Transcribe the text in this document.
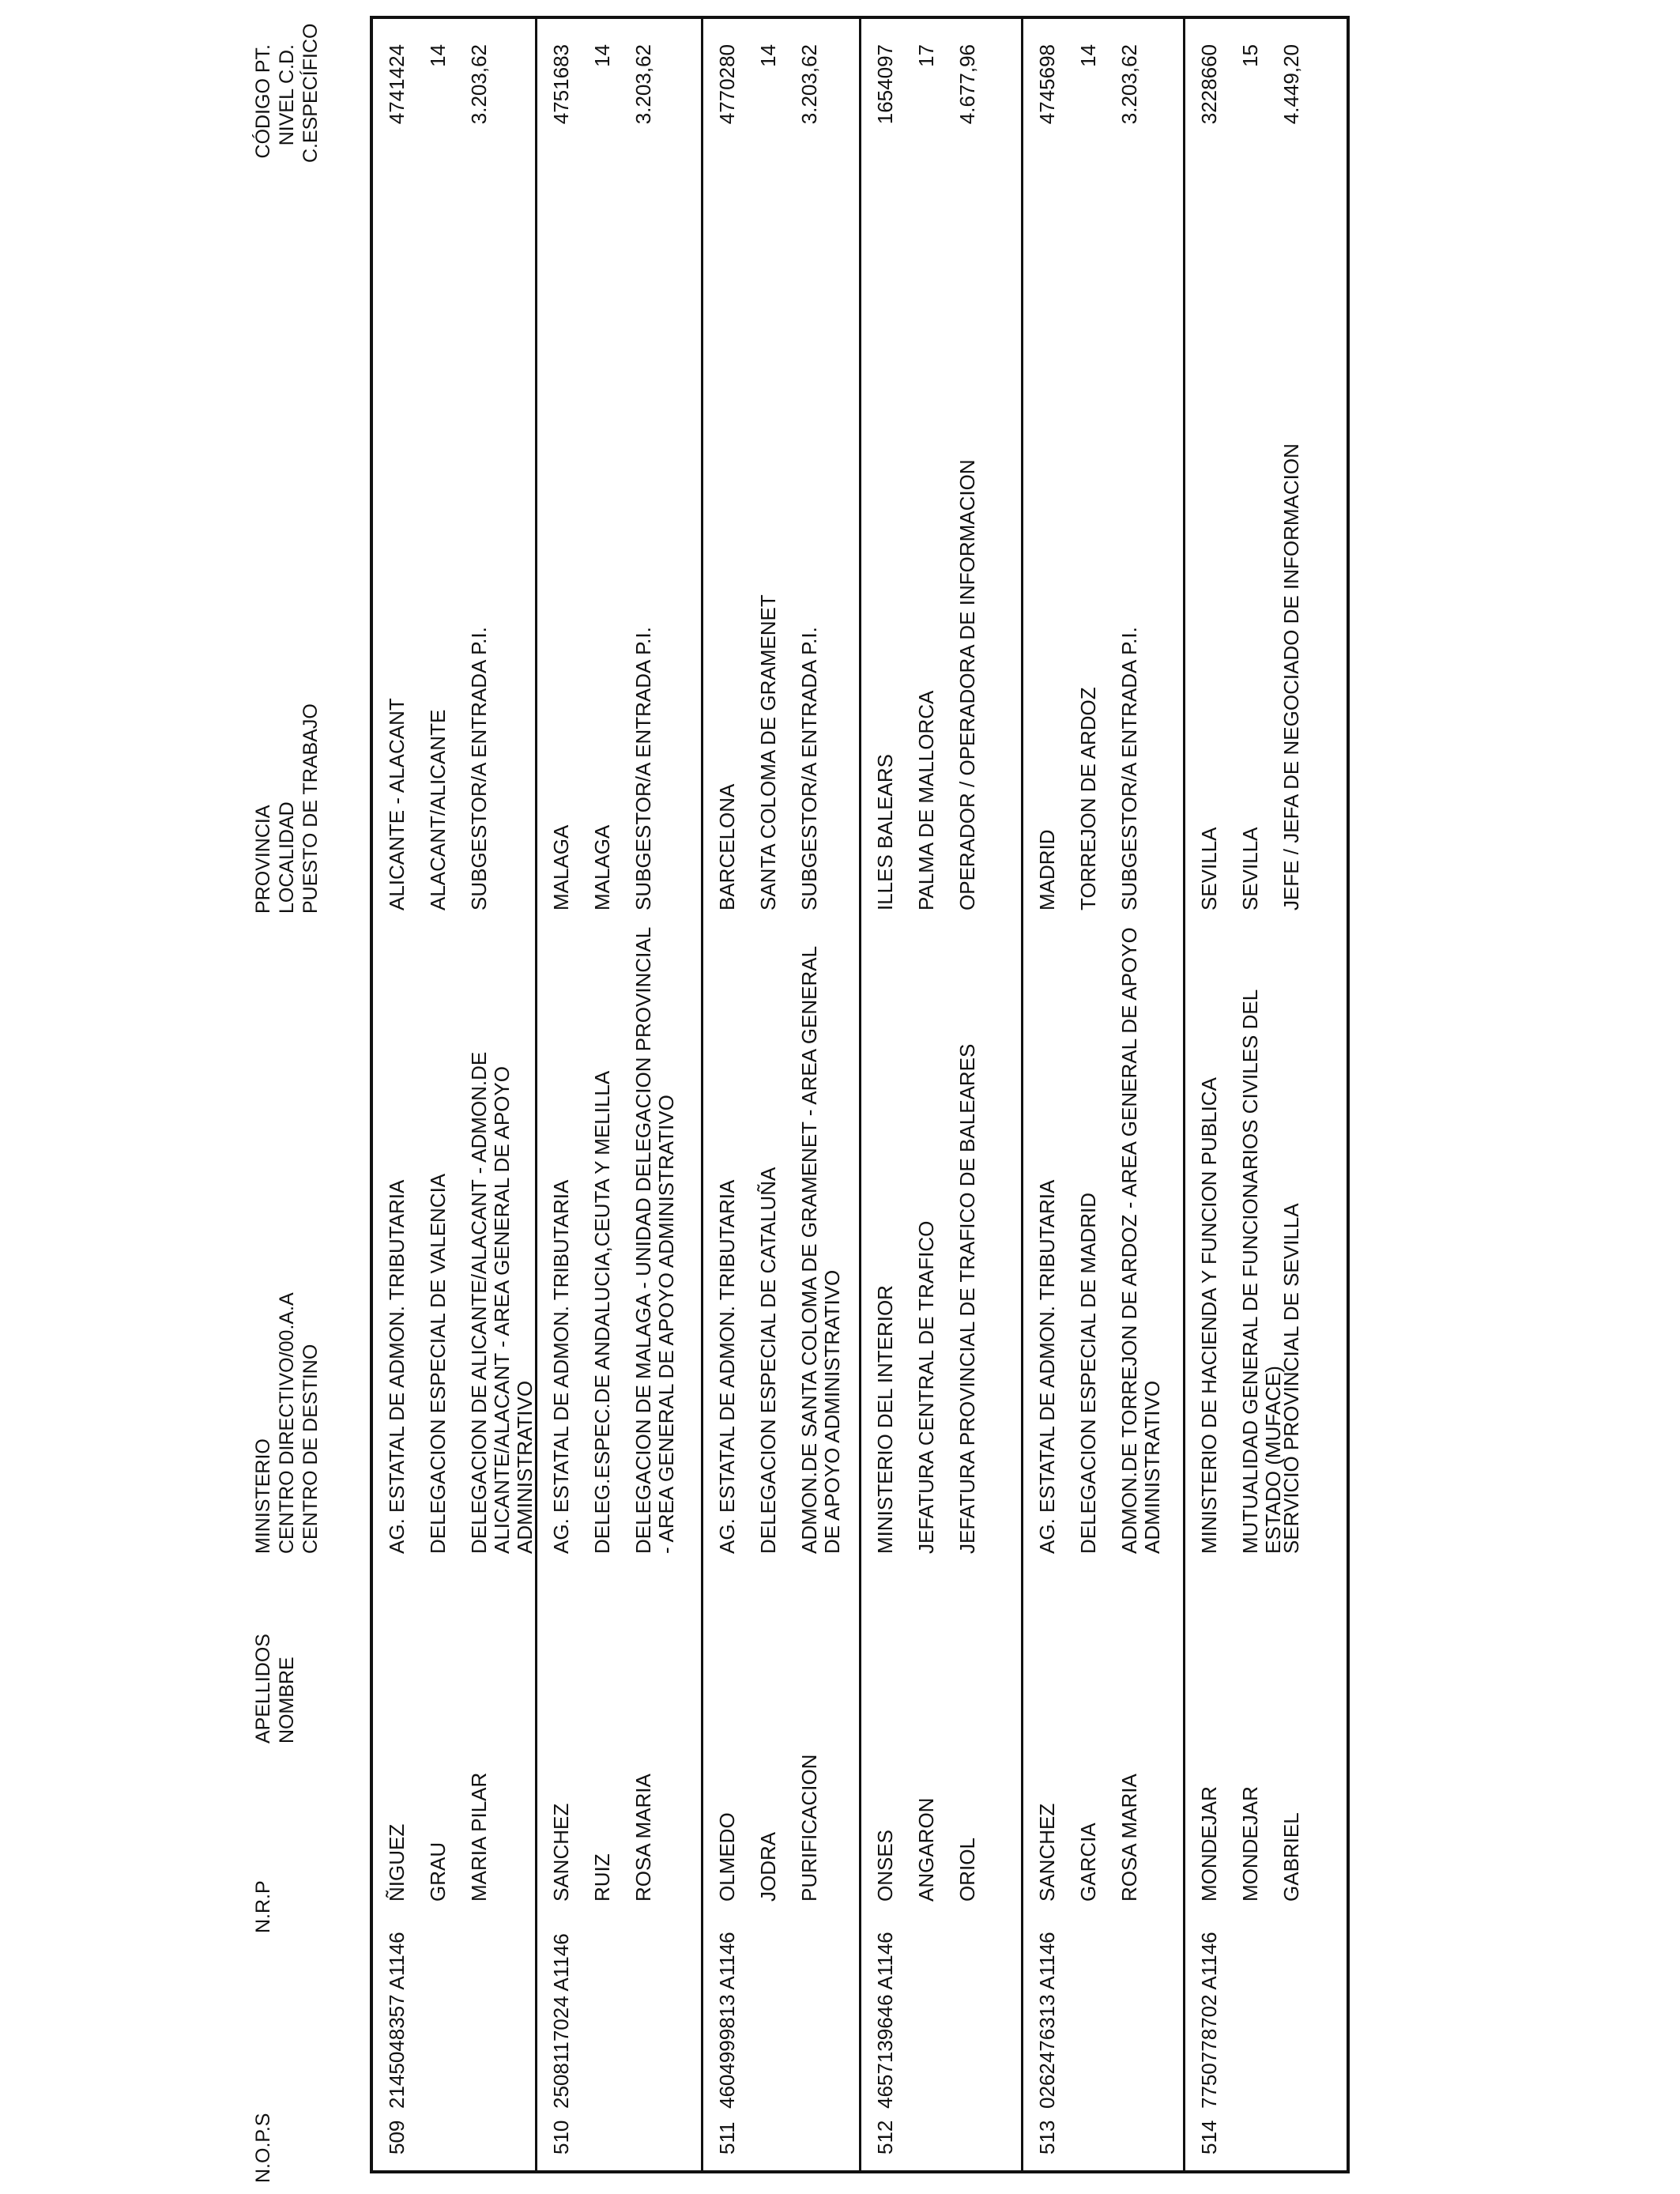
N.O.P.S
N.R.P
APELLIDOS NOMBRE
MINISTERIO CENTRO DIRECTIVO/00.A.A CENTRO DE DESTINO
PROVINCIA LOCALIDAD PUESTO DE TRABAJO
CÓDIGO PT. NIVEL C.D. C.ESPECÍFICO
509
2145048357 A1146
ÑIGUEZ
AG. ESTATAL DE ADMON. TRIBUTARIA
ALICANTE - ALACANT
4741424
GRAU
DELEGACION ESPECIAL DE VALENCIA
ALACANT/ALICANTE
14
MARIA PILAR
DELEGACION DE ALICANTE/ALACANT - ADMON.DE ALICANTE/ALACANT - AREA GENERAL DE APOYO ADMINISTRATIVO
SUBGESTOR/A ENTRADA P.I.
3.203,62
510
2508117024 A1146
SANCHEZ
AG. ESTATAL DE ADMON. TRIBUTARIA
MALAGA
4751683
RUIZ
DELEG.ESPEC.DE ANDALUCIA,CEUTA Y MELILLA
MALAGA
14
ROSA MARIA
DELEGACION DE MALAGA - UNIDAD DELEGACION PROVINCIAL - AREA GENERAL DE APOYO ADMINISTRATIVO
SUBGESTOR/A ENTRADA P.I.
3.203,62
511
4604999813 A1146
OLMEDO
AG. ESTATAL DE ADMON. TRIBUTARIA
BARCELONA
4770280
JODRA
DELEGACION ESPECIAL DE CATALUÑA
SANTA COLOMA DE GRAMENET
14
PURIFICACION
ADMON.DE SANTA COLOMA DE GRAMENET - AREA GENERAL DE APOYO ADMINISTRATIVO
SUBGESTOR/A ENTRADA P.I.
3.203,62
512
4657139646 A1146
ONSES
MINISTERIO DEL INTERIOR
ILLES BALEARS
1654097
ANGARON
JEFATURA CENTRAL DE TRAFICO
PALMA DE MALLORCA
17
ORIOL
JEFATURA PROVINCIAL DE TRAFICO DE BALEARES
OPERADOR / OPERADORA DE INFORMACION
4.677,96
513
0262476313 A1146
SANCHEZ
AG. ESTATAL DE ADMON. TRIBUTARIA
MADRID
4745698
GARCIA
DELEGACION ESPECIAL DE MADRID
TORREJON DE ARDOZ
14
ROSA MARIA
ADMON.DE TORREJON DE ARDOZ - AREA GENERAL DE APOYO ADMINISTRATIVO
SUBGESTOR/A ENTRADA P.I.
3.203,62
514
7750778702 A1146
MONDEJAR
MINISTERIO DE HACIENDA Y FUNCION PUBLICA
SEVILLA
3228660
MONDEJAR
MUTUALIDAD GENERAL DE FUNCIONARIOS CIVILES DEL ESTADO (MUFACE)
SEVILLA
15
GABRIEL
SERVICIO PROVINCIAL DE SEVILLA
JEFE / JEFA DE NEGOCIADO DE INFORMACION
4.449,20
